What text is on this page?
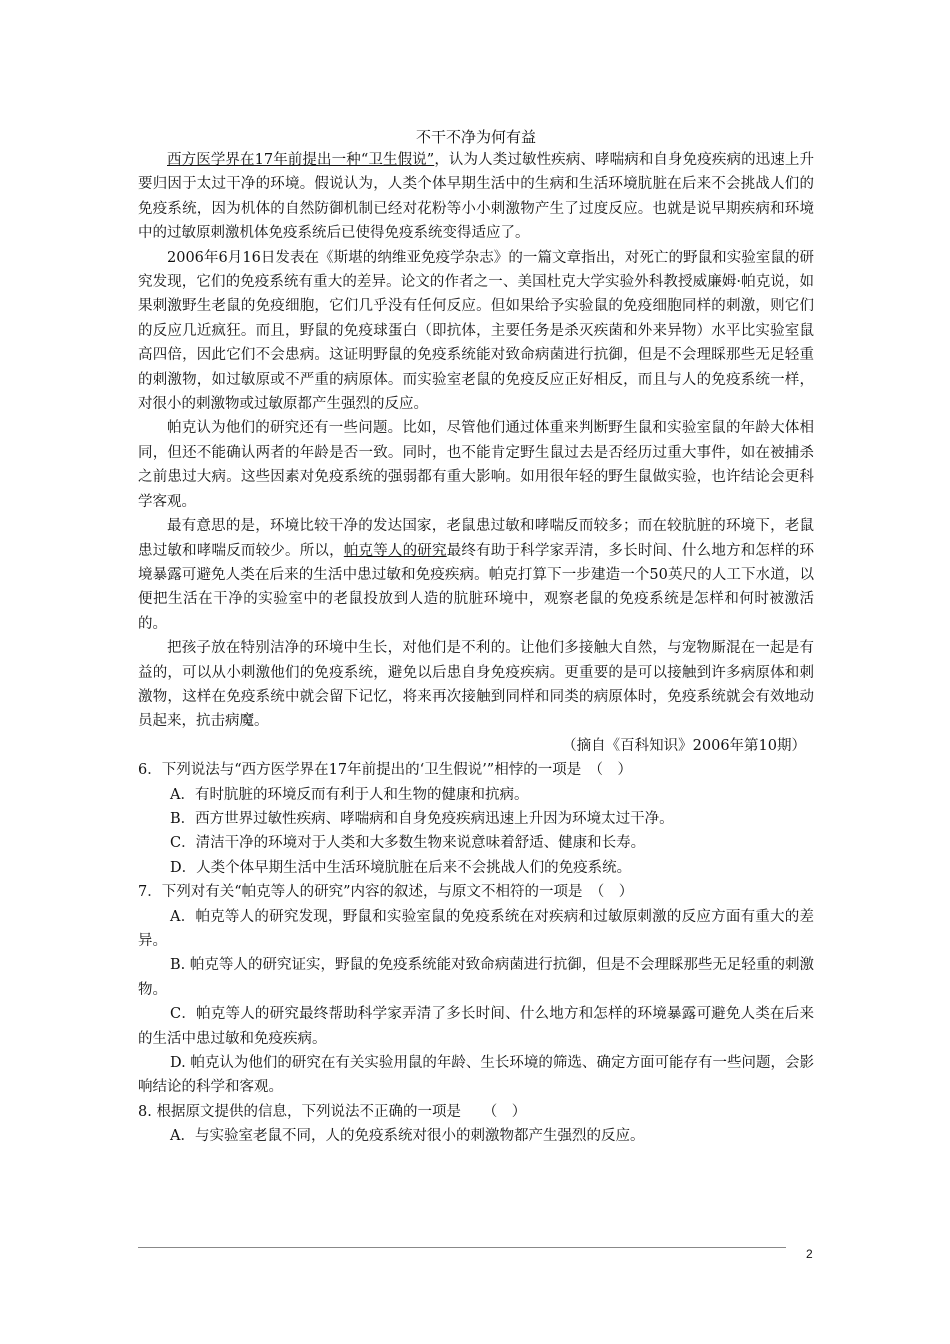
不干不净为何有益

西方医学界在17年前提出一种“卫生假说”，认为人类过敏性疾病、哮喘病和自身免疫疾病的迅速上升要归因于太过干净的环境。假说认为，人类个体早期生活中的生病和生活环境肮脏在后来不会挑战人们的免疫系统，因为机体的自然防御机制已经对花粉等小小刺激物产生了过度反应。也就是说早期疾病和环境中的过敏原刺激机体免疫系统后已使得免疫系统变得适应了。

2006年6月16日发表在《斯堪的纳维亚免疫学杂志》的一篇文章指出，对死亡的野鼠和实验室鼠的研究发现，它们的免疫系统有重大的差异。论文的作者之一、美国杜克大学实验外科教授威廉姆·帕克说，如果刺激野生老鼠的免疫细胞，它们几乎没有任何反应。但如果给予实验鼠的免疫细胞同样的刺激，则它们的反应几近疯狂。而且，野鼠的免疫球蛋白（即抗体，主要任务是杀灭疾菌和外来异物）水平比实验室鼠高四倍，因此它们不会患病。这证明野鼠的免疫系统能对致命病菌进行抗御，但是不会理睬那些无足轻重的刺激物，如过敏原或不严重的病原体。而实验室老鼠的免疫反应正好相反，而且与人的免疫系统一样，对很小的刺激物或过敏原都产生强烈的反应。

帕克认为他们的研究还有一些问题。比如，尽管他们通过体重来判断野生鼠和实验室鼠的年龄大体相同，但还不能确认两者的年龄是否一致。同时，也不能肯定野生鼠过去是否经历过重大事件，如在被捕杀之前患过大病。这些因素对免疫系统的强弱都有重大影响。如用很年轻的野生鼠做实验，也许结论会更科学客观。

最有意思的是，环境比较干净的发达国家，老鼠患过敏和哮喘反而较多；而在较肮脏的环境下，老鼠患过敏和哮喘反而较少。所以，帕克等人的研究最终有助于科学家弄清，多长时间、什么地方和怎样的环境暴露可避免人类在后来的生活中患过敏和免疫疾病。帕克打算下一步建造一个50英尺的人工下水道，以便把生活在干净的实验室中的老鼠投放到人造的肮脏环境中，观察老鼠的免疫系统是怎样和何时被激活的。

把孩子放在特别洁净的环境中生长，对他们是不利的。让他们多接触大自然，与宠物厮混在一起是有益的，可以从小刺激他们的免疫系统，避免以后患自身免疫疾病。更重要的是可以接触到许多病原体和刺激物，这样在免疫系统中就会留下记忆，将来再次接触到同样和同类的病原体时，免疫系统就会有效地动员起来，抗击病魔。

（摘自《百科知识》2006年第10期）
6．下列说法与“西方医学界在17年前提出的‘卫生假说’”相悖的一项是　（　）
A．有时肮脏的环境反而有利于人和生物的健康和抗病。
B．西方世界过敏性疾病、哮喘病和自身免疫疾病迅速上升因为环境太过干净。
C．清洁干净的环境对于人类和大多数生物来说意味着舒适、健康和长寿。
D．人类个体早期生活中生活环境肮脏在后来不会挑战人们的免疫系统。
7．下列对有关“帕克等人的研究”内容的叙述，与原文不相符的一项是　（　）
A．帕克等人的研究发现，野鼠和实验室鼠的免疫系统在对疾病和过敏原刺激的反应方面有重大的差异。
B. 帕克等人的研究证实，野鼠的免疫系统能对致命病菌进行抗御，但是不会理睬那些无足轻重的刺激物。
C．帕克等人的研究最终帮助科学家弄清了多长时间、什么地方和怎样的环境暴露可避免人类在后来的生活中患过敏和免疫疾病。
D. 帕克认为他们的研究在有关实验用鼠的年龄、生长环境的筛选、确定方面可能存有一些问题，会影响结论的科学和客观。
8. 根据原文提供的信息，下列说法不正确的一项是　　（　）
A．与实验室老鼠不同，人的免疫系统对很小的刺激物都产生强烈的反应。
2
